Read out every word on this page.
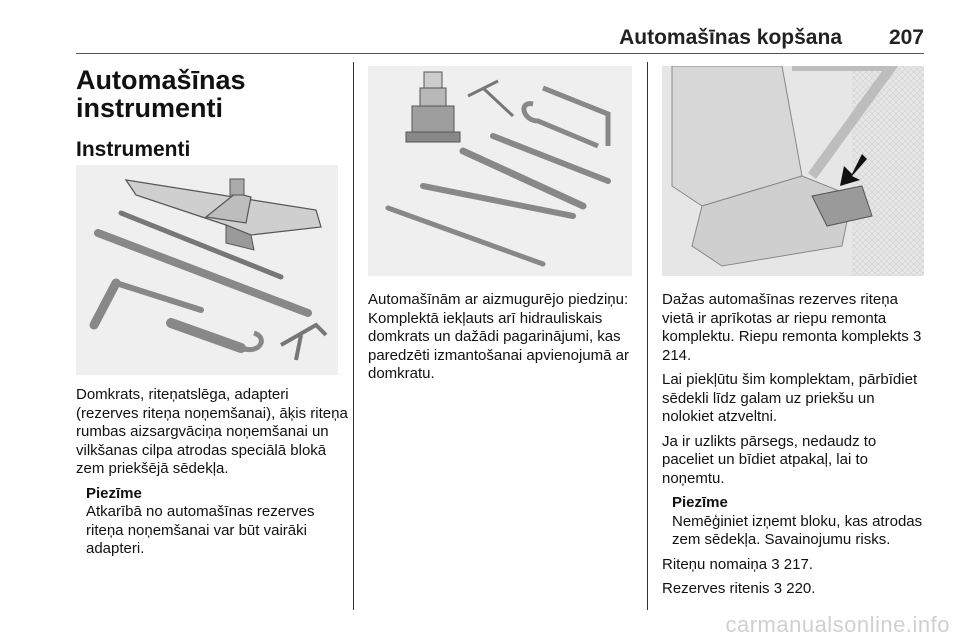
Automašīnas kopšana 207
Automašīnas instrumenti
Instrumenti

Domkrats, riteņatslēga, adapteri (rezerves riteņa noņemšanai), āķis riteņa rumbas aizsargvāciņa noņemšanai un vilkšanas cilpa atrodas speciālā blokā zem priekšējā sēdekļa.

Piezīme
Atkarībā no automašīnas rezerves riteņa noņemšanai var būt vairāki adapteri.

Automašīnām ar aizmugurējo piedziņu: Komplektā iekļauts arī hidrauliskais domkrats un dažādi pagarinājumi, kas paredzēti izmantošanai apvienojumā ar domkratu.

Dažas automašīnas rezerves riteņa vietā ir aprīkotas ar riepu remonta komplektu. Riepu remonta komplekts 3 214.

Lai piekļūtu šim komplektam, pārbīdiet sēdekli līdz galam uz priekšu un nolokiet atzveltni.

Ja ir uzlikts pārsegs, nedaudz to paceliet un bīdiet atpakaļ, lai to noņemtu.

Piezīme
Nemēģiniet izņemt bloku, kas atrodas zem sēdekļa. Savainojumu risks.

Riteņu nomaiņa 3 217.

Rezerves ritenis 3 220.

carmanualsonline.info
